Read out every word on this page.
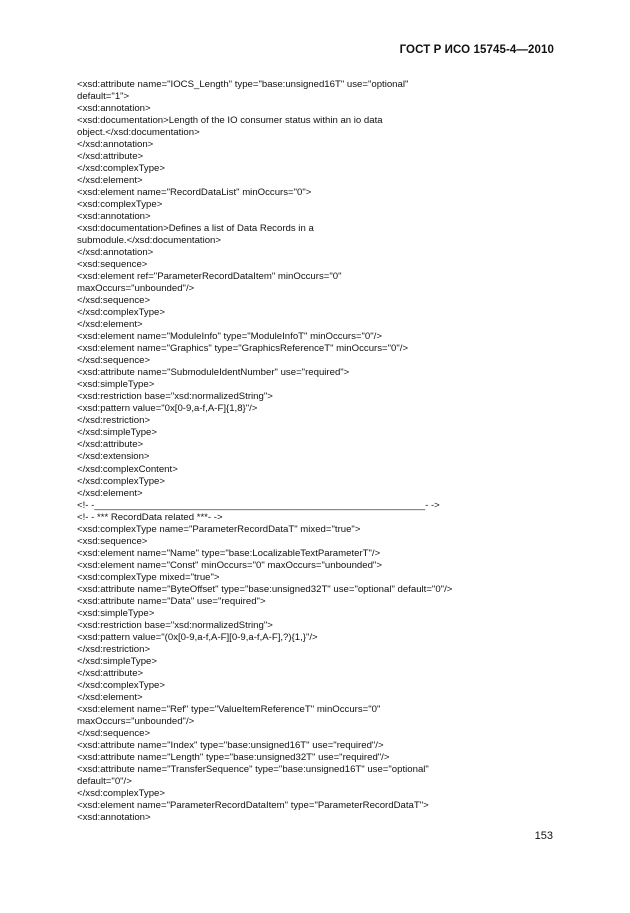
ГОСТ Р ИСО 15745-4—2010
<xsd:attribute name="IOCS_Length" type="base:unsigned16T" use="optional"
default="1">
<xsd:annotation>
<xsd:documentation>Length of the IO consumer status within an io data
object.</xsd:documentation>
</xsd:annotation>
</xsd:attribute>
</xsd:complexType>
</xsd:element>
<xsd:element name="RecordDataList" minOccurs="0">
<xsd:complexType>
<xsd:annotation>
<xsd:documentation>Defines a list of Data Records in a
submodule.</xsd:documentation>
</xsd:annotation>
<xsd:sequence>
<xsd:element ref="ParameterRecordDataItem" minOccurs="0"
maxOccurs="unbounded"/>
</xsd:sequence>
</xsd:complexType>
</xsd:element>
<xsd:element name="ModuleInfo" type="ModuleInfoT" minOccurs="0"/>
<xsd:element name="Graphics" type="GraphicsReferenceT" minOccurs="0"/>
</xsd:sequence>
<xsd:attribute name="SubmoduleIdentNumber" use="required">
<xsd:simpleType>
<xsd:restriction base="xsd:normalizedString">
<xsd:pattern value="0x[0-9,a-f,A-F]{1,8}"/>
</xsd:restriction>
</xsd:simpleType>
</xsd:attribute>
</xsd:extension>
</xsd:complexContent>
</xsd:complexType>
</xsd:element>
<!- -______________________________________________________________- ->
<!- - *** RecordData related ***- ->
<xsd:complexType name="ParameterRecordDataT" mixed="true">
<xsd:sequence>
<xsd:element name="Name" type="base:LocalizableTextParameterT"/>
<xsd:element name="Const" minOccurs="0" maxOccurs="unbounded">
<xsd:complexType mixed="true">
<xsd:attribute name="ByteOffset" type="base:unsigned32T" use="optional" default="0"/>
<xsd:attribute name="Data" use="required">
<xsd:simpleType>
<xsd:restriction base="xsd:normalizedString">
<xsd:pattern value="(0x[0-9,a-f,A-F][0-9,a-f,A-F],?){1,}"/>
</xsd:restriction>
</xsd:simpleType>
</xsd:attribute>
</xsd:complexType>
</xsd:element>
<xsd:element name="Ref" type="ValueItemReferenceT" minOccurs="0"
maxOccurs="unbounded"/>
</xsd:sequence>
<xsd:attribute name="Index" type="base:unsigned16T" use="required"/>
<xsd:attribute name="Length" type="base:unsigned32T" use="required"/>
<xsd:attribute name="TransferSequence" type="base:unsigned16T" use="optional"
default="0"/>
</xsd:complexType>
<xsd:element name="ParameterRecordDataItem" type="ParameterRecordDataT">
<xsd:annotation>
153
